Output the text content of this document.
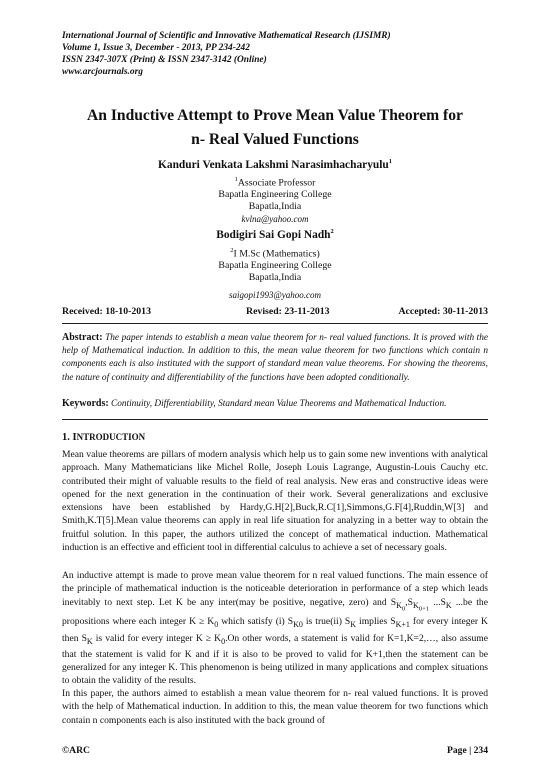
International Journal of Scientific and Innovative Mathematical Research (IJSIMR)
Volume 1, Issue 3, December - 2013, PP 234-242
ISSN 2347-307X (Print) & ISSN 2347-3142 (Online)
www.arcjournals.org
An Inductive Attempt to Prove Mean Value Theorem for
n- Real Valued Functions
Kanduri Venkata Lakshmi Narasimhacharyulu$^1$
$^1$Associate Professor
Bapatla Engineering College
Bapatla,India
kvlna@yahoo.com
Bodigiri Sai Gopi Nadh$^2$
$^2$I M.Sc (Mathematics)
Bapatla Engineering College
Bapatla,India
saigopi1993@yahoo.com
Received: 18-10-2013	Revised: 23-11-2013	Accepted: 30-11-2013
Abstract: The paper intends to establish a mean value theorem for n- real valued functions. It is proved with the help of Mathematical induction. In addition to this, the mean value theorem for two functions which contain n components each is also instituted with the support of standard mean value theorems. For showing the theorems, the nature of continuity and differentiability of the functions have been adopted conditionally.
Keywords: Continuity, Differentiability, Standard mean Value Theorems and Mathematical Induction.
1. INTRODUCTION
Mean value theorems are pillars of modern analysis which help us to gain some new inventions with analytical approach. Many Mathematicians like Michel Rolle, Joseph Louis Lagrange, Augustin-Louis Cauchy etc. contributed their might of valuable results to the field of real analysis. New eras and constructive ideas were opened for the next generation in the continuation of their work. Several generalizations and exclusive extensions have been established by Hardy,G.H[2],Buck,R.C[1],Simmons,G.F[4],Ruddin,W[3] and Smith,K.T[5].Mean value theorems can apply in real life situation for analyzing in a better way to obtain the fruitful solution. In this paper, the authors utilized the concept of mathematical induction. Mathematical induction is an effective and efficient tool in differential calculus to achieve a set of necessary goals.
An inductive attempt is made to prove mean value theorem for n real valued functions. The main essence of the principle of mathematical induction is the noticeable deterioration in performance of a step which leads inevitably to next step. Let K be any inter(may be positive, negative, zero) and $S_{K_0},S_{K_{0+1}}$ $...S_K$ ...be the propositions where each integer $K \ge K_0$ which satisfy (i) $S_{K0}$ is true(ii) $S_K$ implies $S_{K+1}$ for every integer K then $S_K$ is valid for every integer $K \ge K_0.On$ other words, a statement is valid for K=1,K=2,…, also assume that the statement is valid for K and if it is also to be proved to valid for K+1,then the statement can be generalized for any integer K. This phenomenon is being utilized in many applications and complex situations to obtain the validity of the results.
In this paper, the authors aimed to establish a mean value theorem for n- real valued functions. It is proved with the help of Mathematical induction. In addition to this, the mean value theorem for two functions which contain n components each is also instituted with the back ground of
©ARC	Page | 234
